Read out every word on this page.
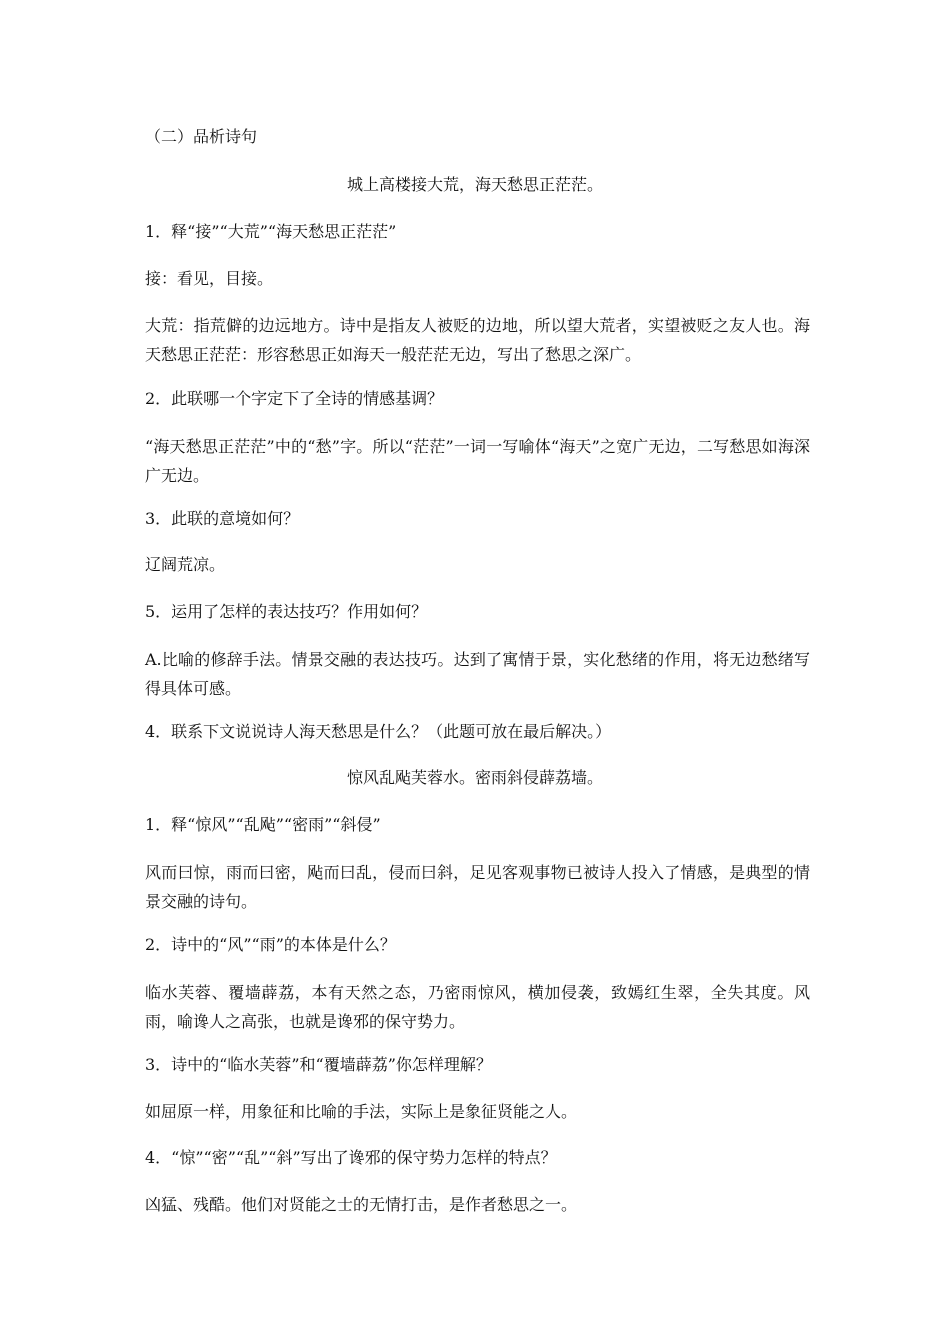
（二）品析诗句
城上高楼接大荒，海天愁思正茫茫。
1．释“接”“大荒”“海天愁思正茫茫”
接：看见，目接。
大荒：指荒僻的边远地方。诗中是指友人被贬的边地，所以望大荒者，实望被贬之友人也。海天愁思正茫茫：形容愁思正如海天一般茫茫无边，写出了愁思之深广。
2．此联哪一个字定下了全诗的情感基调？
“海天愁思正茫茫”中的“愁”字。所以“茫茫”一词一写喻体“海天”之宽广无边，二写愁思如海深广无边。
3．此联的意境如何？
辽阔荒凉。
5．运用了怎样的表达技巧？作用如何？
A.比喻的修辞手法。情景交融的表达技巧。达到了寓情于景，实化愁绪的作用，将无边愁绪写得具体可感。
4．联系下文说说诗人海天愁思是什么？（此题可放在最后解决。）
惊风乱飐芙蓉水。密雨斜侵薜荔墙。
1．释“惊风”“乱飐”“密雨”“斜侵”
风而曰惊，雨而曰密，飐而曰乱，侵而曰斜，足见客观事物已被诗人投入了情感，是典型的情景交融的诗句。
2．诗中的“风”“雨”的本体是什么？
临水芙蓉、覆墙薜荔，本有天然之态，乃密雨惊风，横加侵袭，致嫣红生翠，全失其度。风雨，喻谗人之高张，也就是谗邪的保守势力。
3．诗中的“临水芙蓉”和“覆墙薜荔”你怎样理解？
如屈原一样，用象征和比喻的手法，实际上是象征贤能之人。
4．“惊”“密”“乱”“斜”写出了谗邪的保守势力怎样的特点？
凶猛、残酷。他们对贤能之士的无情打击，是作者愁思之一。
